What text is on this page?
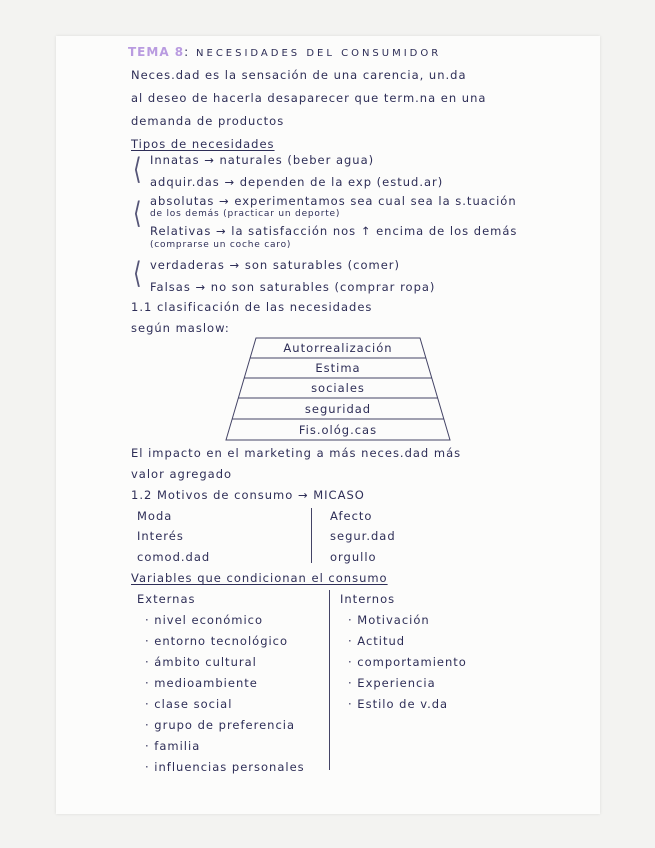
TEMA 8: NECESIDADES DEL CONSUMIDOR
Neces.dad es la sensación de una carencia, un.da
al deseo de hacerla desaparecer que term.na en una
demanda de productos
Tipos de necesidades
⟨ Innatas → naturales (beber agua)
adquir.das → dependen de la exp (estud.ar)
⟨ absolutas → experimentamos sea cual sea la s.tuación
de los demás (practicar un deporte)
Relativas → la satisfacción nos ↑ encima de los demás
(comprarse un coche caro)
⟨ verdaderas → son saturables (comer)
Falsas → no son saturables (comprar ropa)
1.1 clasificación de las necesidades
según maslow:
Autorrealización
Estima
sociales
seguridad
Fis.ológ.cas
El impacto en el marketing a más neces.dad más
valor agregado
1.2 Motivos de consumo → MICASO
Moda
Interés
comod.dad
Afecto
segur.dad
orgullo
Variables que condicionan el consumo
Externas	Internos
· nivel económico
· entorno tecnológico
· ámbito cultural
· medioambiente
· clase social
· grupo de preferencia
· familia
· influencias personales
· Motivación
· Actitud
· comportamiento
· Experiencia
· Estilo de v.da
